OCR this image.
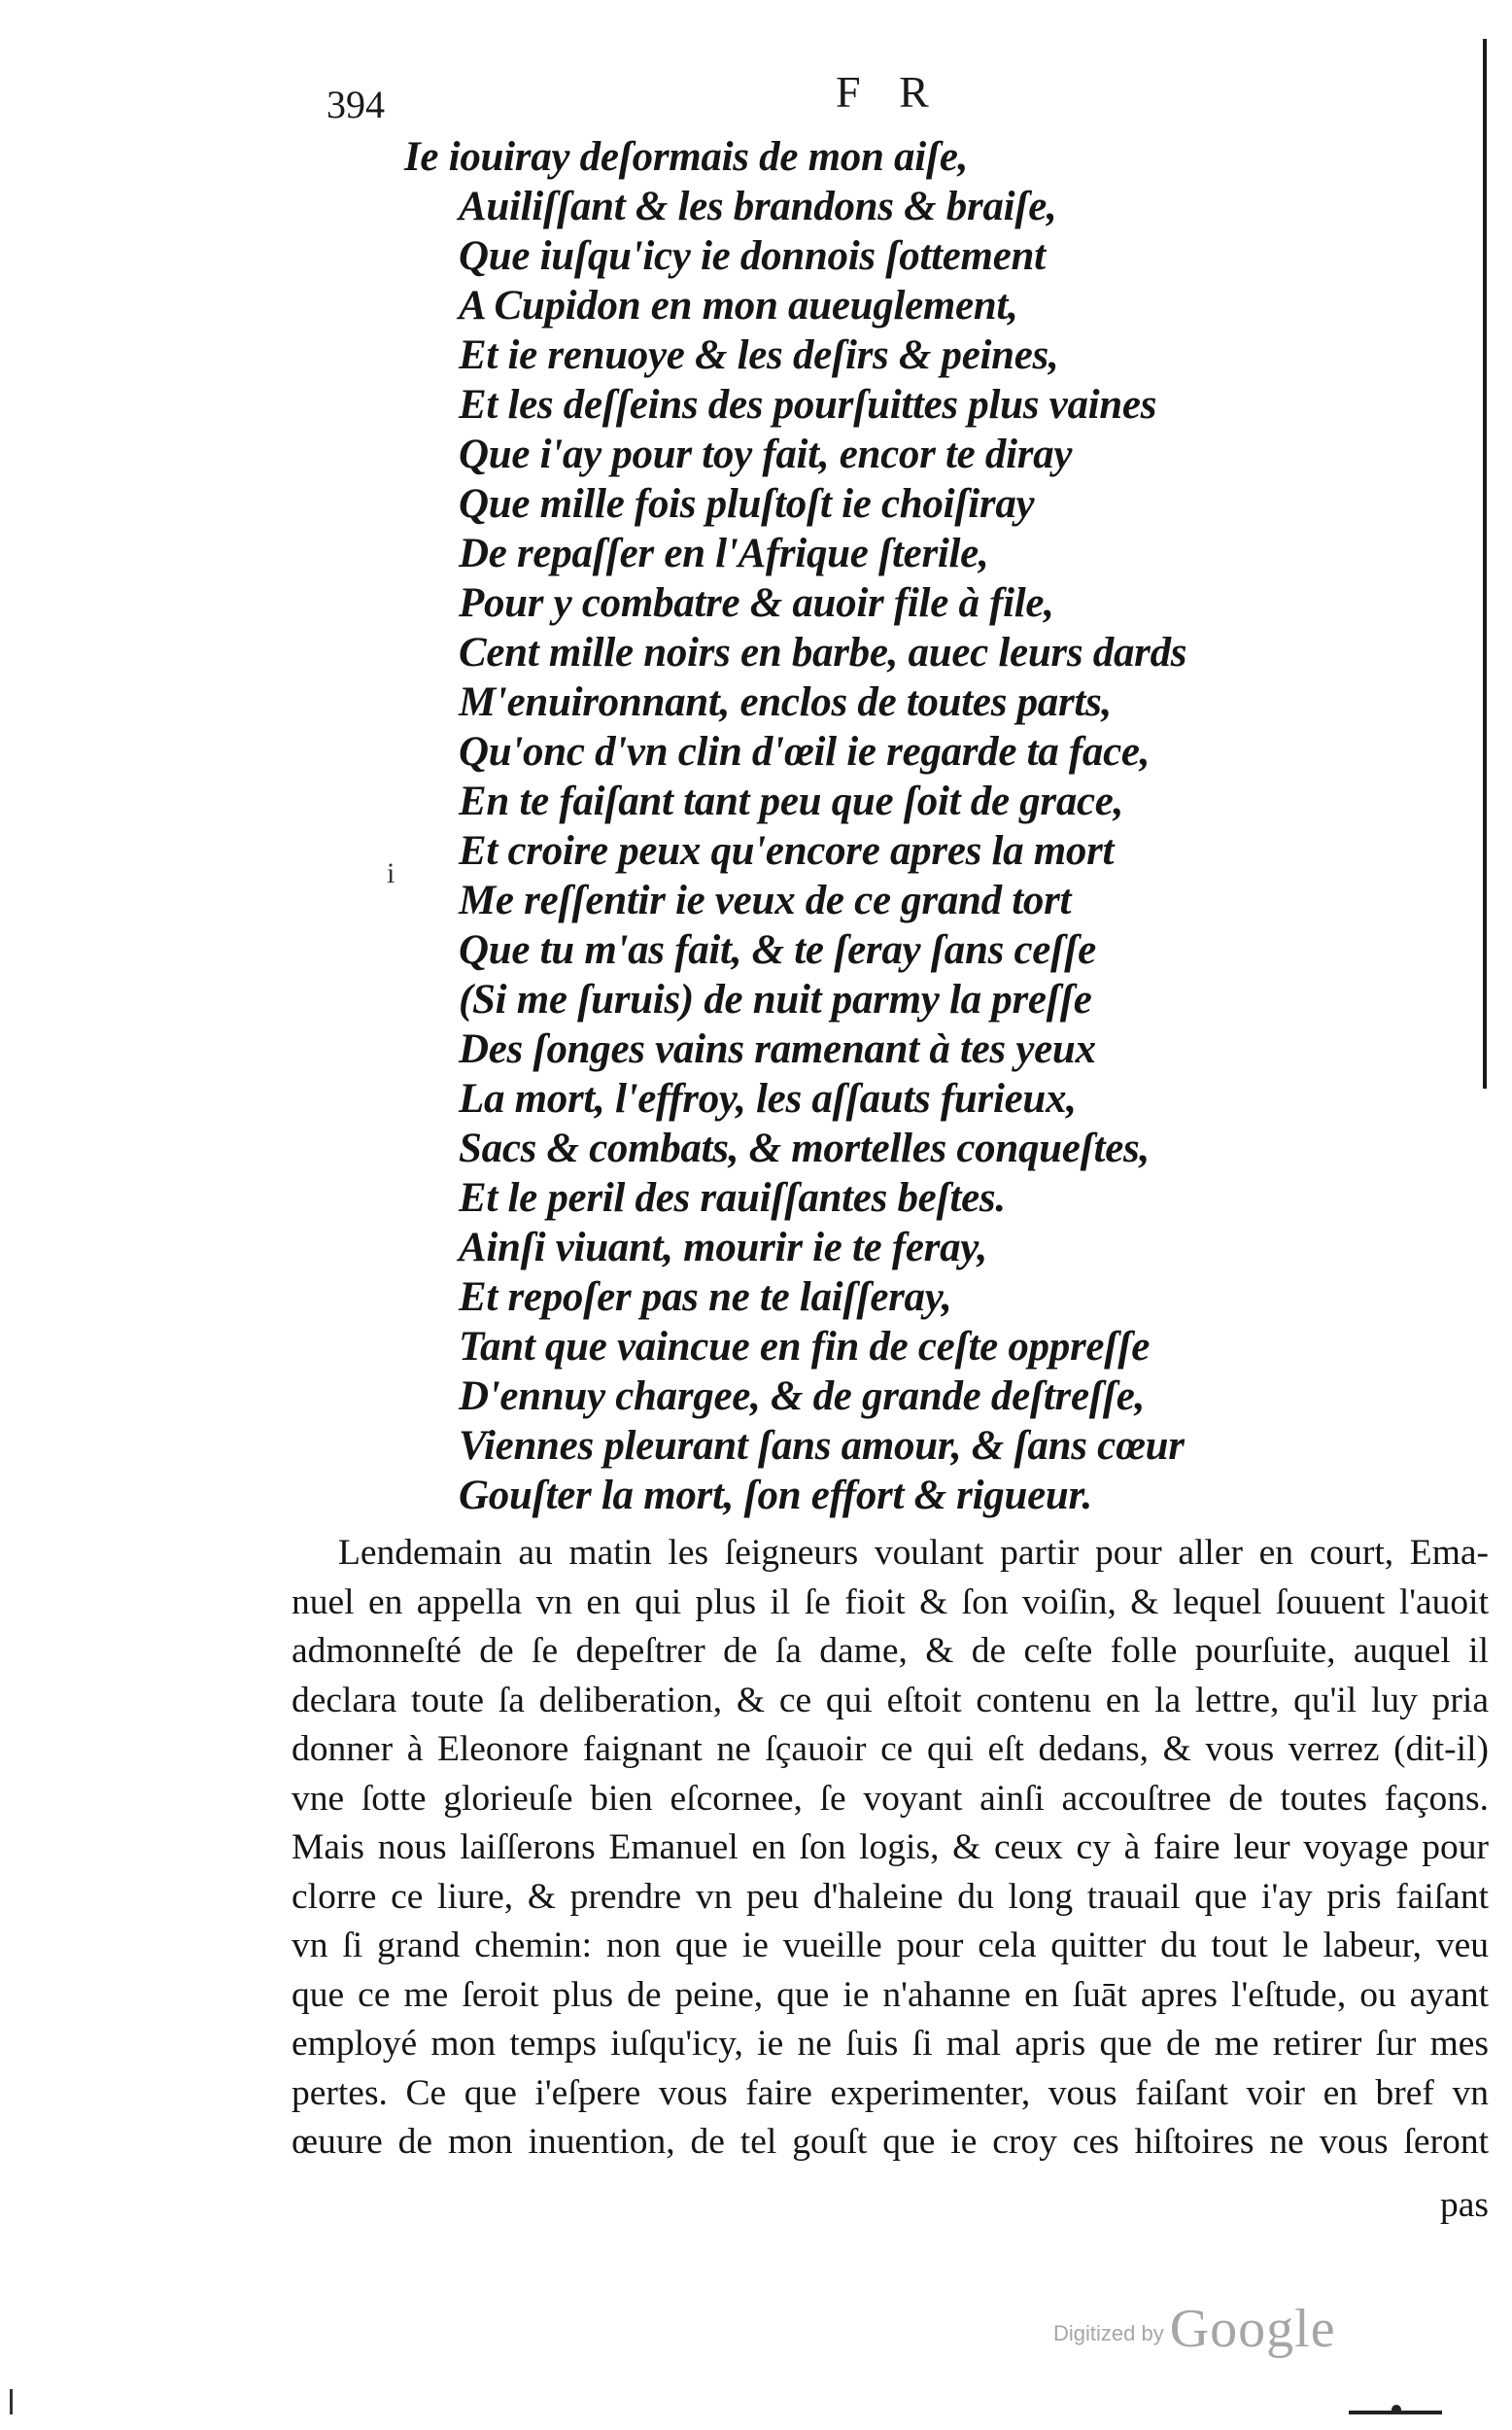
394	F R
i
Ie iouiray deſormais de mon aiſe,
Auiliſſant & les brandons & braiſe,
Que iuſqu'icy ie donnois ſottement
A Cupidon en mon aueuglement,
Et ie renuoye & les deſirs & peines,
Et les deſſeins des pourſuittes plus vaines
Que i'ay pour toy fait, encor te diray
Que mille fois pluſtoſt ie choiſiray
De repaſſer en l'Afrique ſterile,
Pour y combatre & auoir file à file,
Cent mille noirs en barbe, auec leurs dards
M'enuironnant, enclos de toutes parts,
Qu'onc d'vn clin d'œil ie regarde ta face,
En te faiſant tant peu que ſoit de grace,
Et croire peux qu'encore apres la mort
Me reſſentir ie veux de ce grand tort
Que tu m'as fait, & te ſeray ſans ceſſe
(Si me ſuruis) de nuit parmy la preſſe
Des ſonges vains ramenant à tes yeux
La mort, l'effroy, les aſſauts furieux,
Sacs & combats, & mortelles conqueſtes,
Et le peril des rauiſſantes beſtes.
Ainſi viuant, mourir ie te feray,
Et repoſer pas ne te laiſſeray,
Tant que vaincue en fin de ceſte oppreſſe
D'ennuy chargee, & de grande deſtreſſe,
Viennes pleurant ſans amour, & ſans cœur
Gouſter la mort, ſon effort & rigueur.
Lendemain au matin les ſeigneurs voulant partir pour aller en court, Ema-
nuel en appella vn en qui plus il ſe fioit & ſon voiſin, & lequel ſouuent l'auoit
admonneſté de ſe depeſtrer de ſa dame, & de ceſte folle pourſuite, auquel il
declara toute ſa deliberation, & ce qui eſtoit contenu en la lettre, qu'il luy pria
donner à Eleonore faignant ne ſçauoir ce qui eſt dedans, & vous verrez (dit-il)
vne ſotte glorieuſe bien eſcornee, ſe voyant ainſi accouſtree de toutes façons.
Mais nous laiſſerons Emanuel en ſon logis, & ceux cy à faire leur voyage pour
clorre ce liure, & prendre vn peu d'haleine du long trauail que i'ay pris faiſant
vn ſi grand chemin: non que ie vueille pour cela quitter du tout le labeur, veu
que ce me ſeroit plus de peine, que ie n'ahanne en ſuāt apres l'eſtude, ou ayant
employé mon temps iuſqu'icy, ie ne ſuis ſi mal apris que de me retirer ſur mes
pertes. Ce que i'eſpere vous faire experimenter, vous faiſant voir en bref vn
œuure de mon inuention, de tel gouſt que ie croy ces hiſtoires ne vous ſeront
pas
Digitized by Google
